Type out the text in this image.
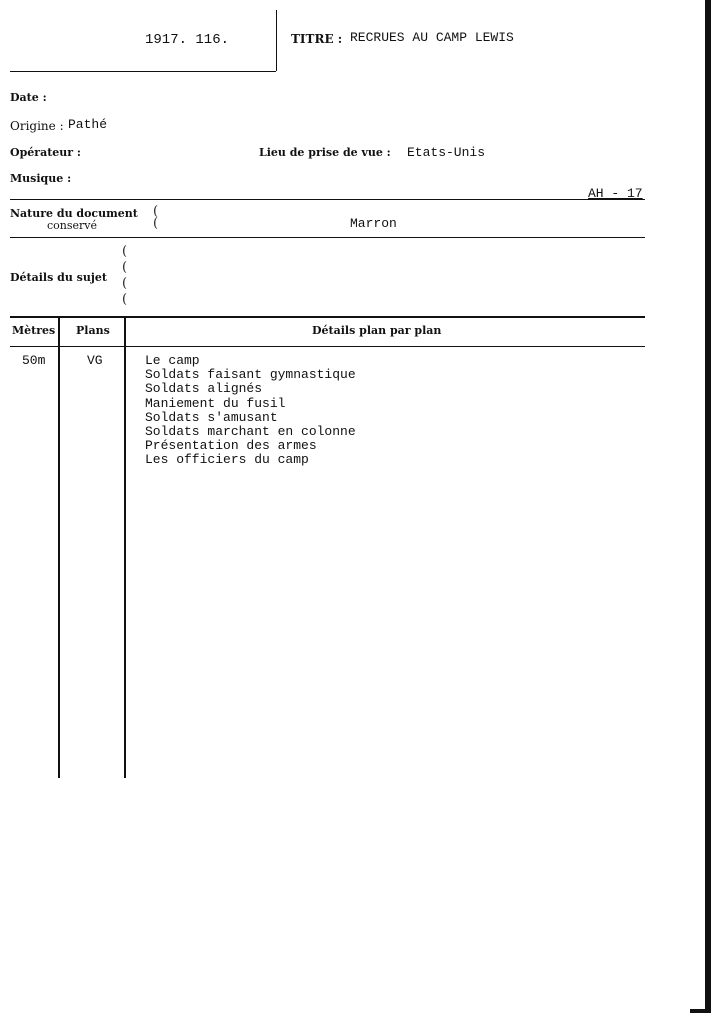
1917. 116.	TITRE : RECRUES AU CAMP LEWIS
Date :
Origine : Pathé
Opérateur :	Lieu de prise de vue : Etats-Unis
Musique :
AH - 17
Nature du document
conservé
(
(	Marron
Détails du sujet
(
(
(
(
Mètres Plans	Détails plan par plan
50m	VG	Le camp
Soldats faisant gymnastique
Soldats alignés
Maniement du fusil
Soldats s'amusant
Soldats marchant en colonne
Présentation des armes
Les officiers du camp
